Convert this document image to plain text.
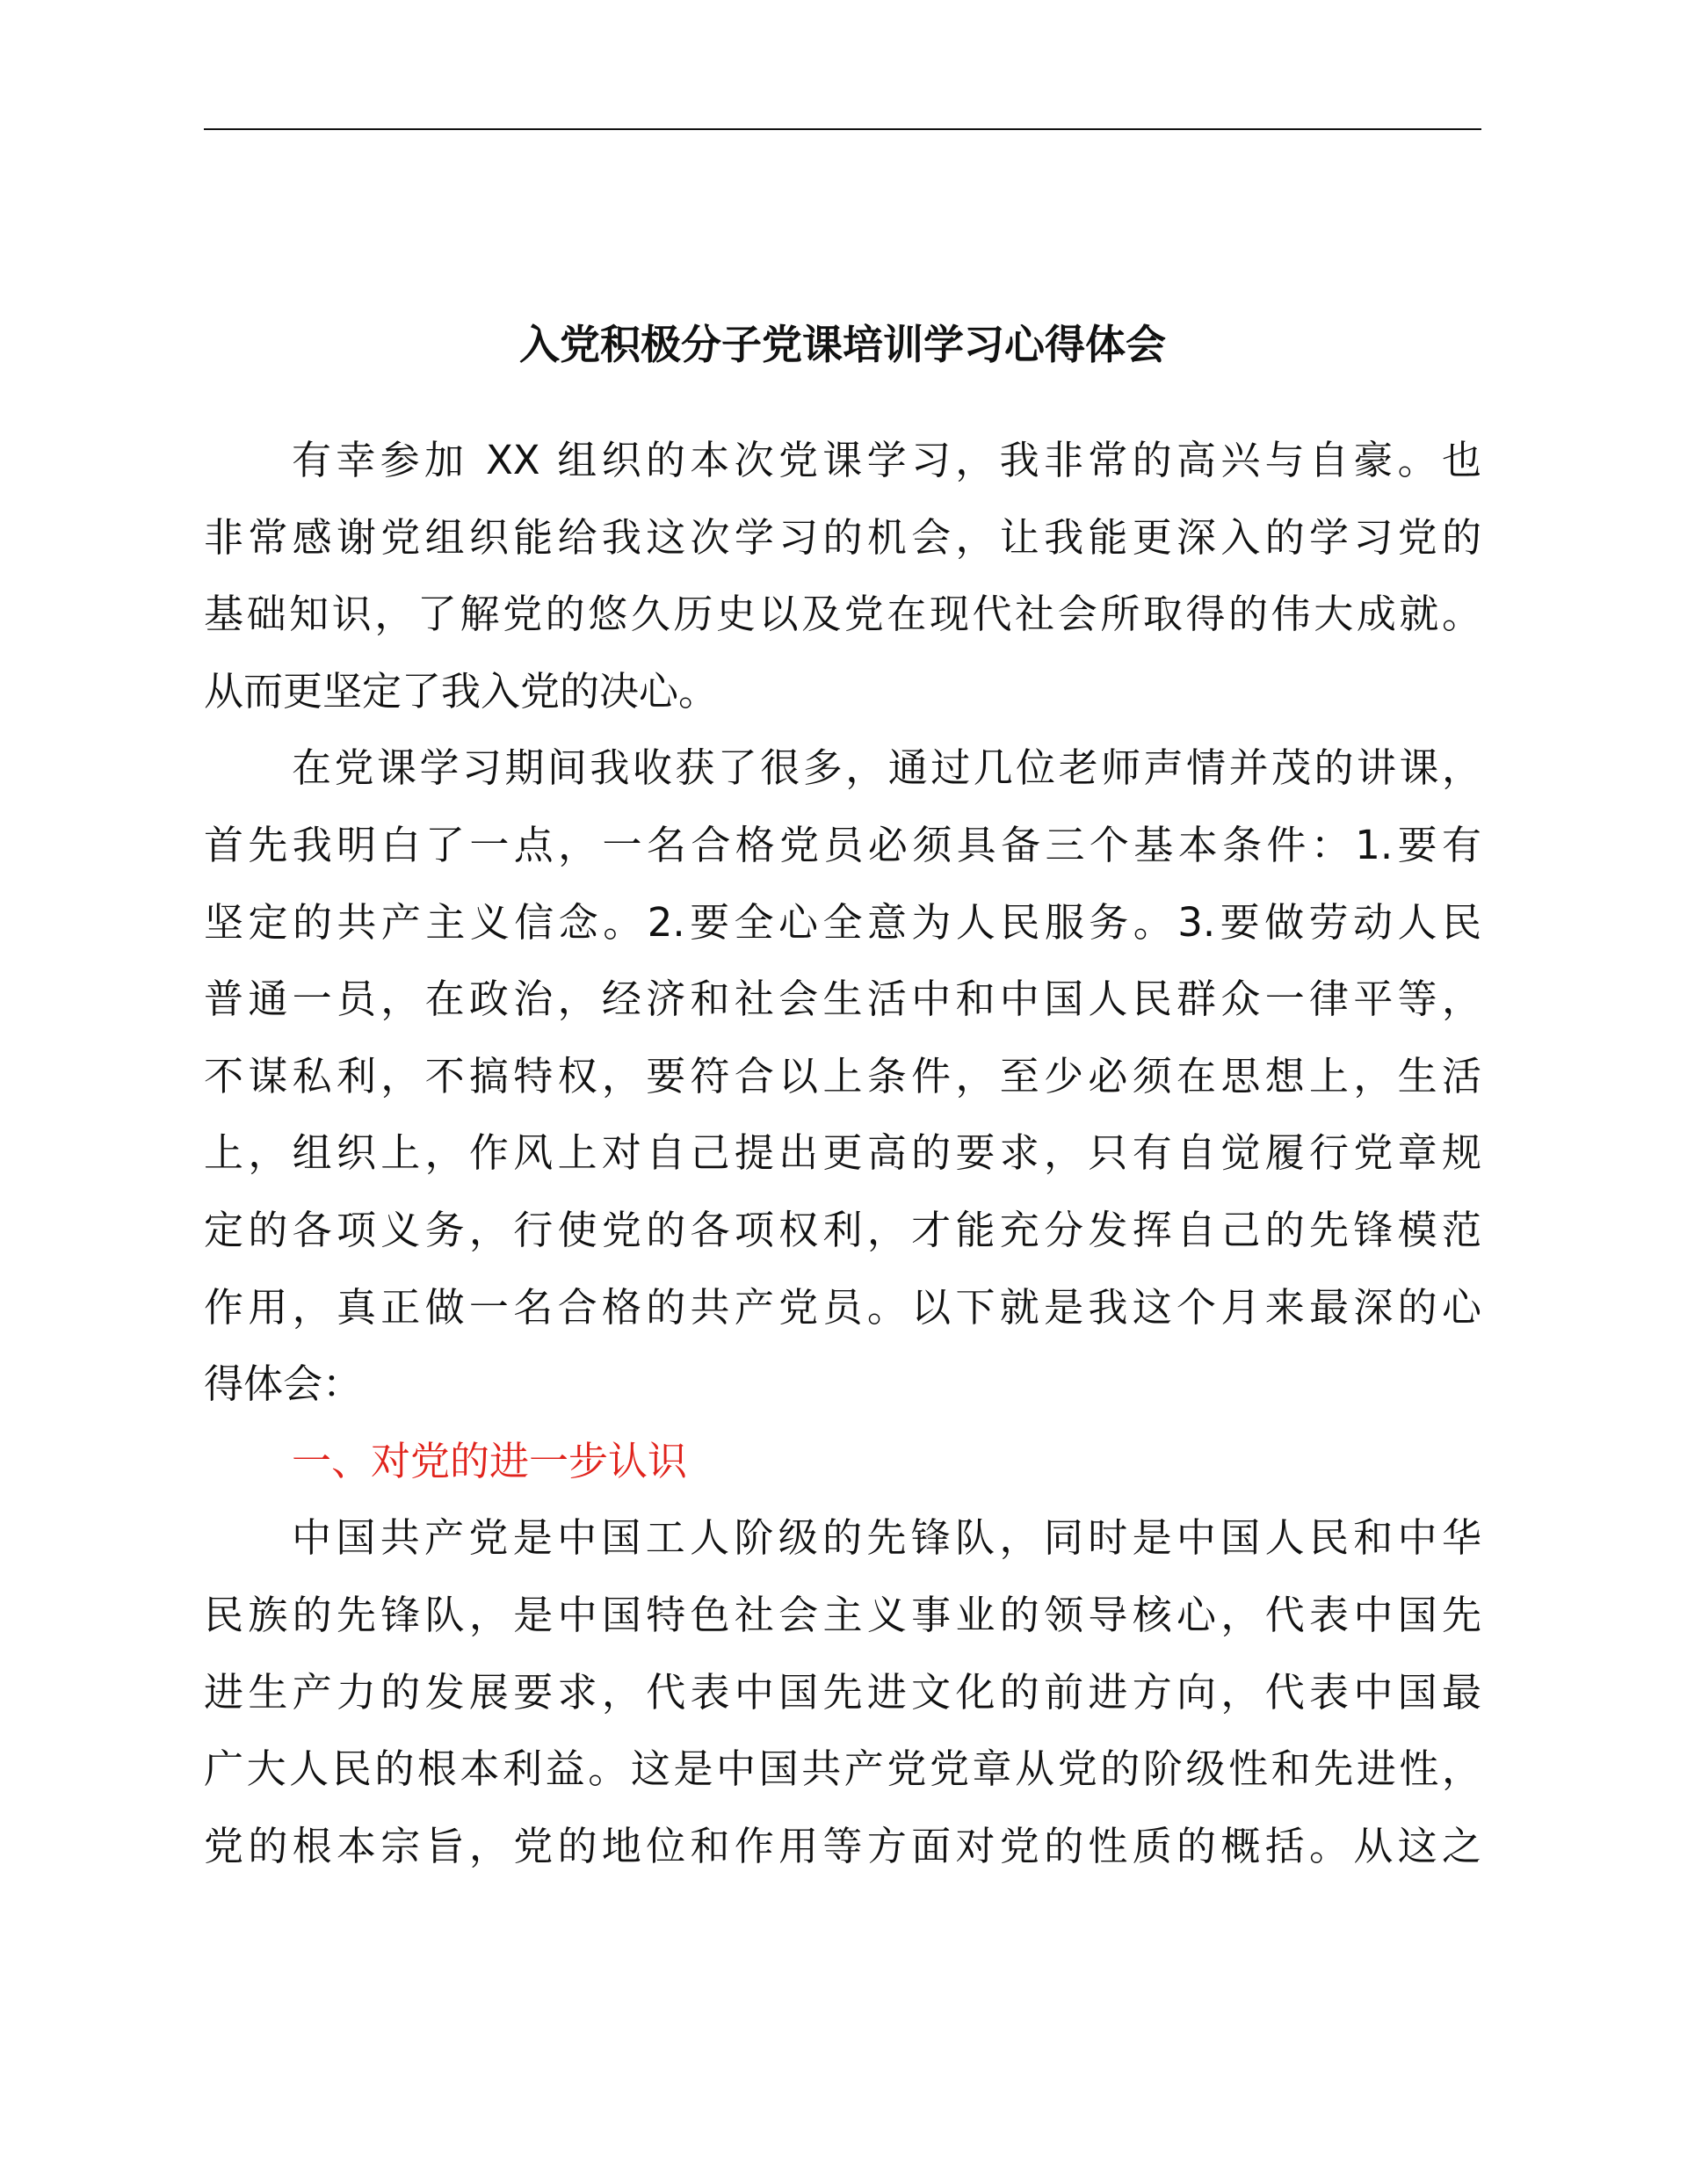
入党积极分子党课培训学习心得体会
有幸参加 XX 组织的本次党课学习，我非常的高兴与自豪。也
非常感谢党组织能给我这次学习的机会，让我能更深入的学习党的
基础知识，了解党的悠久历史以及党在现代社会所取得的伟大成就。
从而更坚定了我入党的决心。
在党课学习期间我收获了很多，通过几位老师声情并茂的讲课，
首先我明白了一点，一名合格党员必须具备三个基本条件：1.要有
坚定的共产主义信念。2.要全心全意为人民服务。3.要做劳动人民
普通一员，在政治，经济和社会生活中和中国人民群众一律平等，
不谋私利，不搞特权，要符合以上条件，至少必须在思想上，生活
上，组织上，作风上对自己提出更高的要求，只有自觉履行党章规
定的各项义务，行使党的各项权利，才能充分发挥自己的先锋模范
作用，真正做一名合格的共产党员。以下就是我这个月来最深的心
得体会：
一、对党的进一步认识
中国共产党是中国工人阶级的先锋队，同时是中国人民和中华
民族的先锋队，是中国特色社会主义事业的领导核心，代表中国先
进生产力的发展要求，代表中国先进文化的前进方向，代表中国最
广大人民的根本利益。这是中国共产党党章从党的阶级性和先进性，
党的根本宗旨，党的地位和作用等方面对党的性质的概括。从这之
